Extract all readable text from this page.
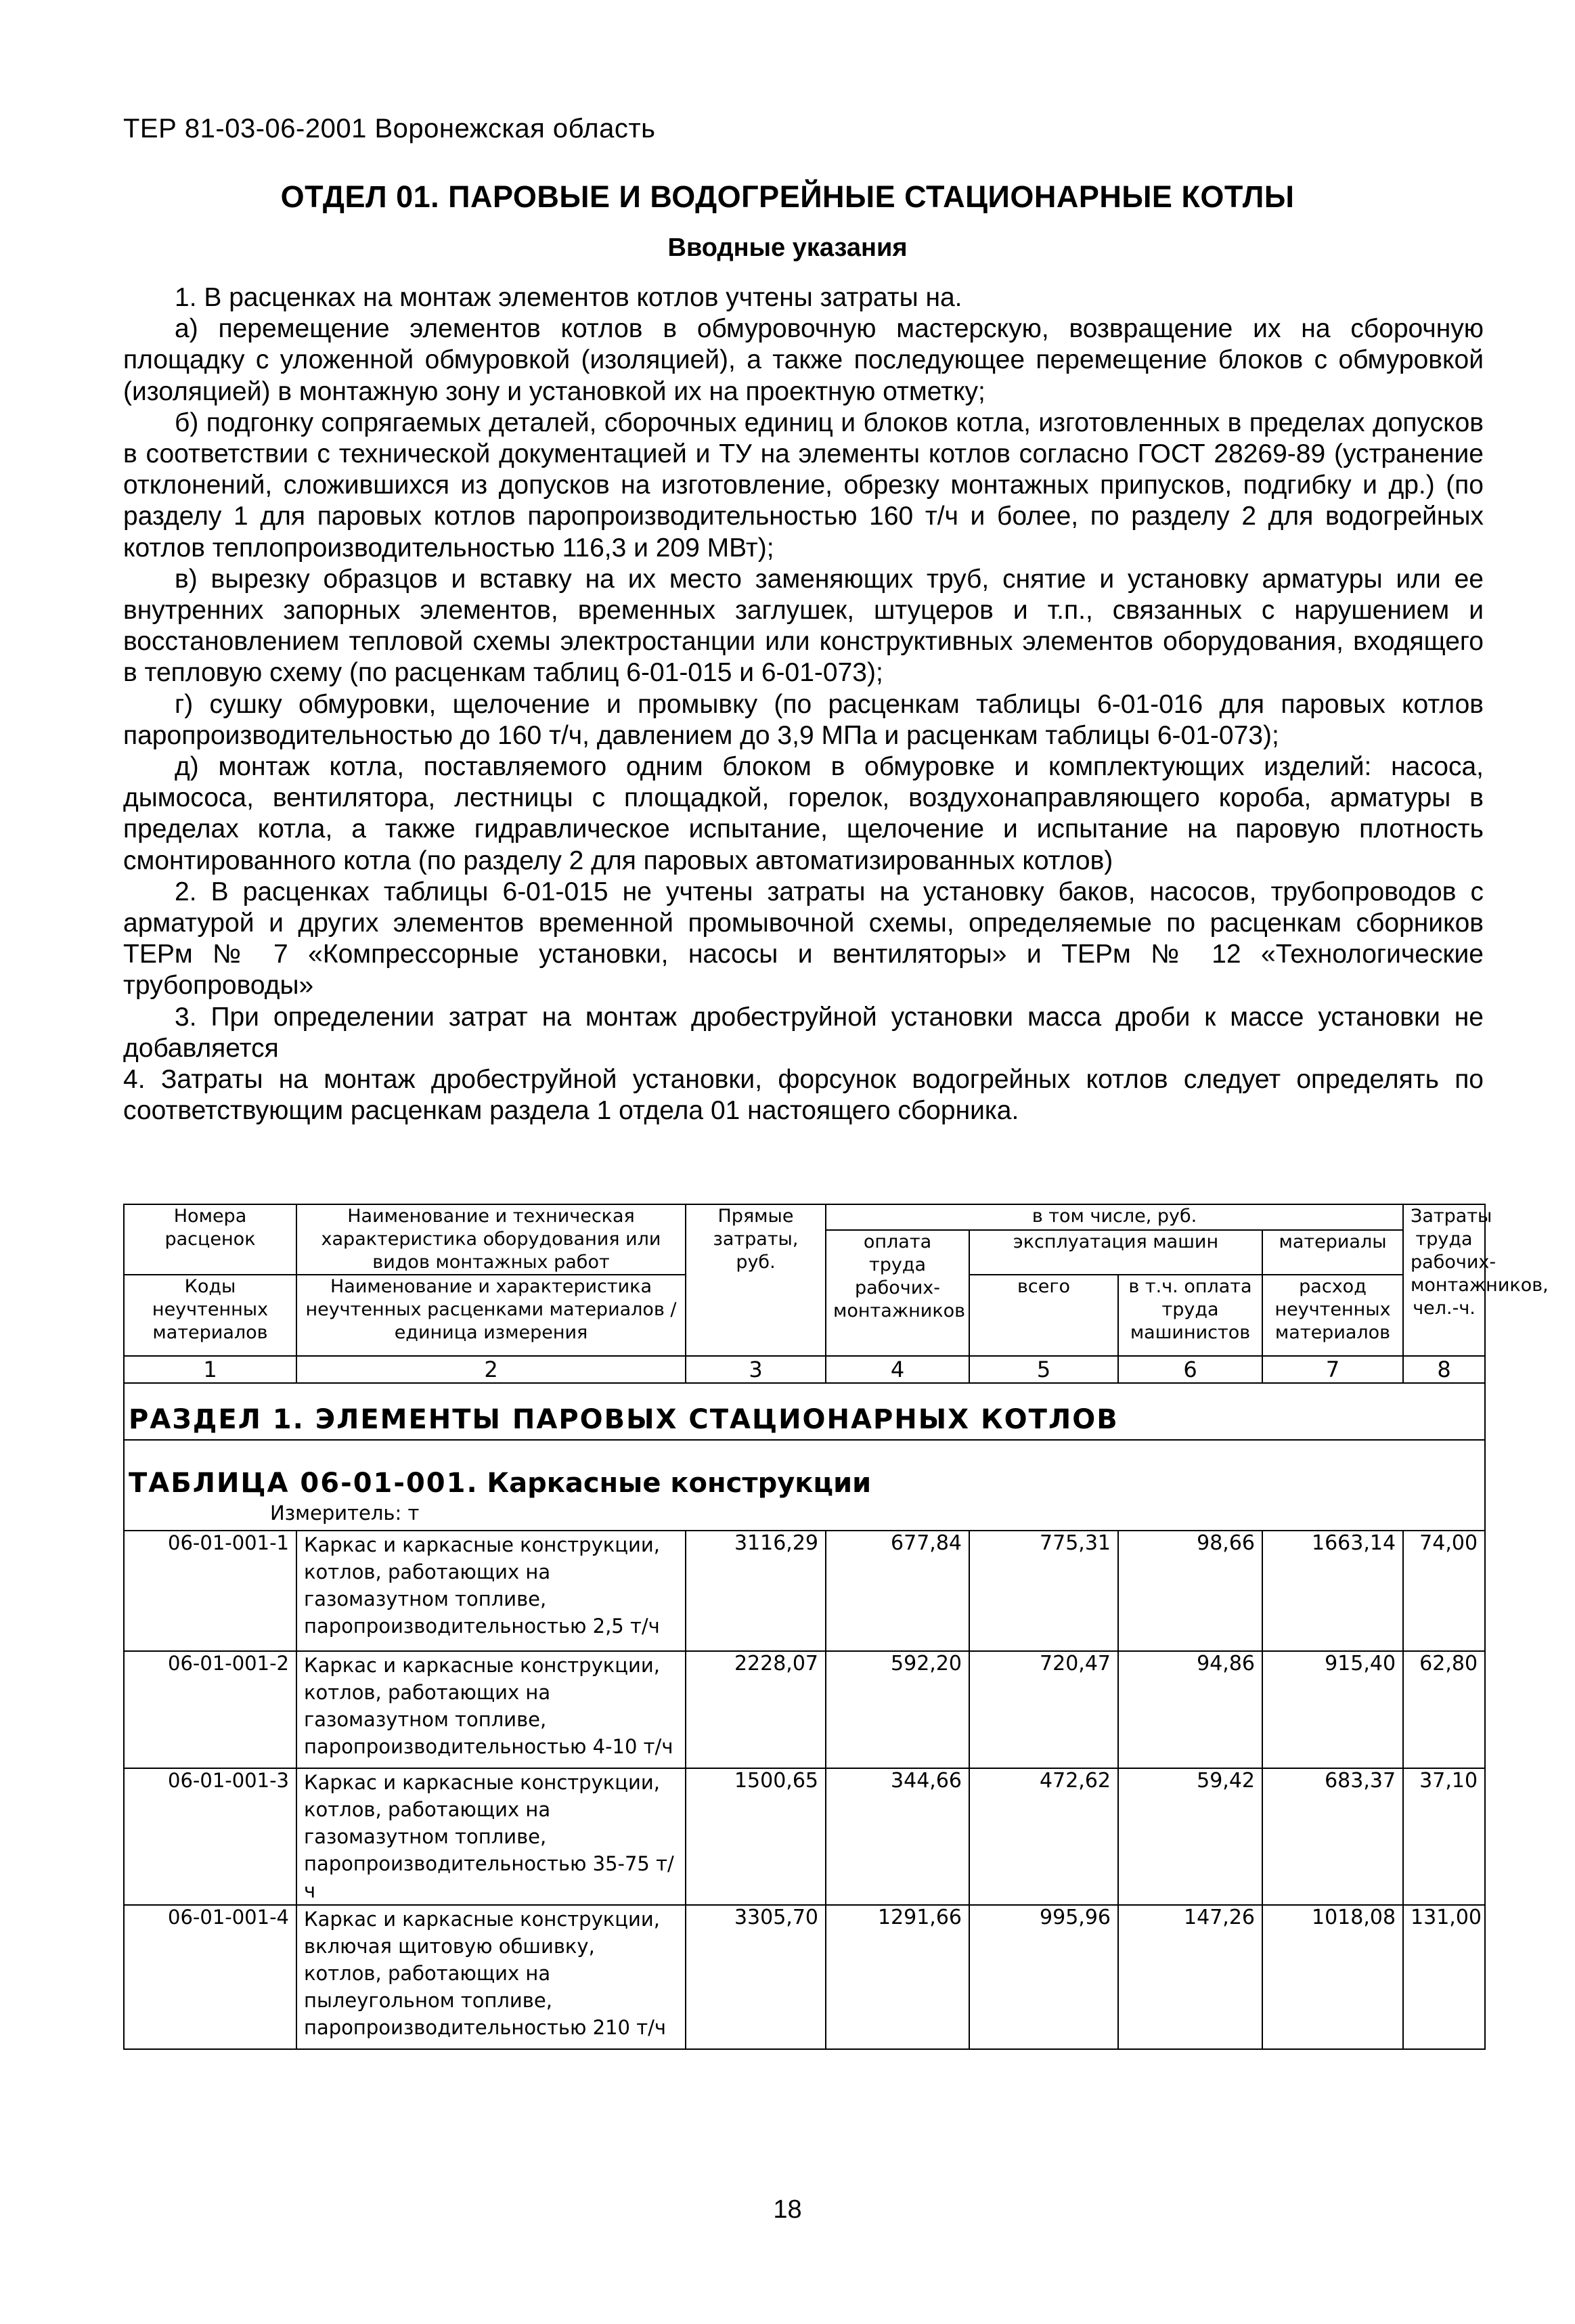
ТЕР 81-03-06-2001 Воронежская область
ОТДЕЛ 01. ПАРОВЫЕ И ВОДОГРЕЙНЫЕ СТАЦИОНАРНЫЕ КОТЛЫ
Вводные указания

1. В расценках на монтаж элементов котлов учтены затраты на.

а) перемещение элементов котлов в обмуровочную мастерскую, возвращение их на сборочную площадку с уложенной обмуровкой (изоляцией), а также последующее перемещение блоков с обмуровкой (изоляцией) в монтажную зону и установкой их на проектную отметку;

б) подгонку сопрягаемых деталей, сборочных единиц и блоков котла, изготовленных в пределах допусков в соответствии с технической документацией и ТУ на элементы котлов согласно ГОСТ 28269-89 (устранение отклонений, сложившихся из допусков на изготовление, обрезку монтажных припусков, подгибку и др.) (по разделу 1 для паровых котлов паропроизводительностью 160 т/ч и более, по разделу 2 для водогрейных котлов теплопроизводительностью 116,3 и 209 МВт);

в) вырезку образцов и вставку на их место заменяющих труб, снятие и установку арматуры или ее внутренних запорных элементов, временных заглушек, штуцеров и т.п., связанных с нарушением и восстановлением тепловой схемы электростанции или конструктивных элементов оборудования, входящего в тепловую схему (по расценкам таблиц 6-01-015 и 6-01-073);

г) сушку обмуровки, щелочение и промывку (по расценкам таблицы 6-01-016 для паровых котлов паропроизводительностью до 160 т/ч, давлением до 3,9 МПа и расценкам таблицы 6-01-073);

д) монтаж котла, поставляемого одним блоком в обмуровке и комплектующих изделий: насоса, дымососа, вентилятора, лестницы с площадкой, горелок, воздухонаправляющего короба, арматуры в пределах котла, а также гидравлическое испытание, щелочение и испытание на паровую плотность смонтированного котла (по разделу 2 для паровых автоматизированных котлов)

2. В расценках таблицы 6-01-015 не учтены затраты на установку баков, насосов, трубопроводов с арматурой и других элементов временной промывочной схемы, определяемые по расценкам сборников ТЕРм № 7 «Компрессорные установки, насосы и вентиляторы» и ТЕРм № 12 «Технологические трубопроводы»

3. При определении затрат на монтаж дробеструйной установки масса дроби к массе установки не добавляется

4. Затраты на монтаж дробеструйной установки, форсунок водогрейных котлов следует определять по соответствующим расценкам раздела 1 отдела 01 настоящего сборника.

Номера расценок	Наименование и техническая характеристика оборудования или видов монтажных работ	Прямые затраты, руб.	в том числе, руб.				Затраты труда рабочих-монтажников, чел.-ч.
			оплата труда рабочих-монтажников	эксплуатация машин		материалы	
Коды неучтенных материалов	Наименование и характеристика неучтенных расценками материалов / единица измерения			всего	в т.ч. оплата труда машинистов	расход неучтенных материалов	

1	2	3	4	5	6	7	8
РАЗДЕЛ 1. ЭЛЕМЕНТЫ ПАРОВЫХ СТАЦИОНАРНЫХ КОТЛОВ							
ТАБЛИЦА 06-01-001. Каркасные конструкции							
Измеритель: т							
06-01-001-1	Каркас и каркасные конструкции, котлов, работающих на газомазутном топливе, паропроизводительностью 2,5 т/ч	3116,29	677,84	775,31	98,66	1663,14	74,00
06-01-001-2	Каркас и каркасные конструкции, котлов, работающих на газомазутном топливе, паропроизводительностью 4-10 т/ч	2228,07	592,20	720,47	94,86	915,40	62,80
06-01-001-3	Каркас и каркасные конструкции, котлов, работающих на газомазутном топливе, паропроизводительностью 35-75 т/ч	1500,65	344,66	472,62	59,42	683,37	37,10
06-01-001-4	Каркас и каркасные конструкции, включая щитовую обшивку, котлов, работающих на пылеугольном топливе, паропроизводительностью 210 т/ч	3305,70	1291,66	995,96	147,26	1018,08	131,00
18
